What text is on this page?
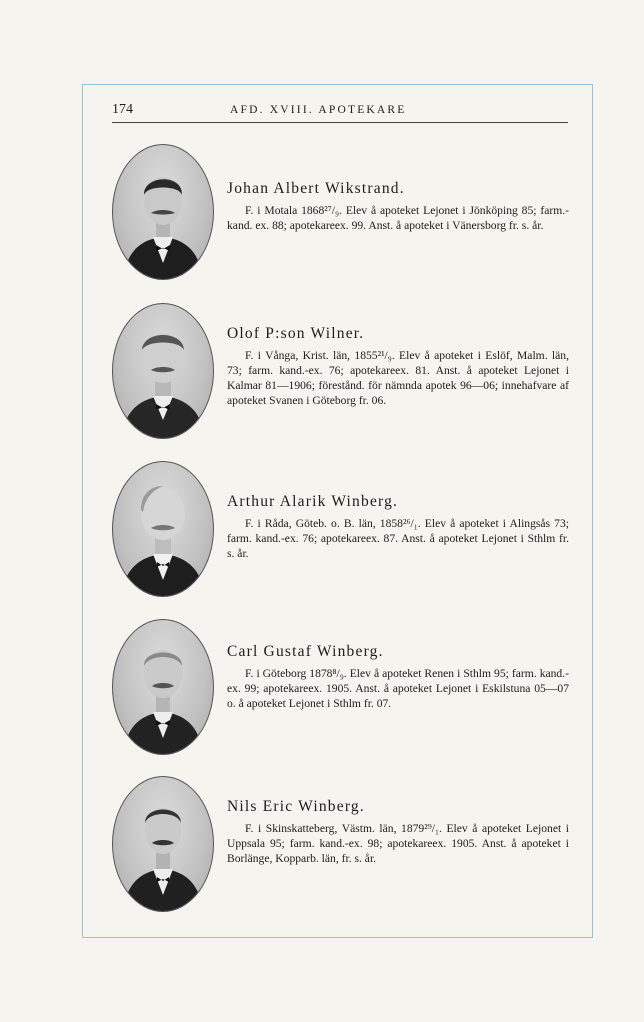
174	AFD. XVIII. APOTEKARE
Johan Albert Wikstrand.
F. i Motala 1868²⁷/₉. Elev å apoteket Lejonet i Jönköping 85; farm.-kand. ex. 88; apotekareex. 99. Anst. å apoteket i Vänersborg fr. s. år.
Olof P:son Wilner.
F. i Vånga, Krist. län, 1855²¹/₉. Elev å apoteket i Eslöf, Malm. län, 73; farm. kand.-ex. 76; apotekareex. 81. Anst. å apoteket Lejonet i Kalmar 81—1906; förestånd. för nämnda apotek 96—06; innehafvare af apoteket Svanen i Göteborg fr. 06.
Arthur Alarik Winberg.
F. i Råda, Göteb. o. B. län, 1858²⁶/₁. Elev å apoteket i Alingsås 73; farm. kand.-ex. 76; apotekareex. 87. Anst. å apoteket Lejonet i Sthlm fr. s. år.
Carl Gustaf Winberg.
F. i Göteborg 1878⁸/₉. Elev å apoteket Renen i Sthlm 95; farm. kand.-ex. 99; apotekareex. 1905. Anst. å apoteket Lejonet i Eskilstuna 05—07 o. å apoteket Lejonet i Sthlm fr. 07.
Nils Eric Winberg.
F. i Skinskatteberg, Västm. län, 1879²⁹/₁. Elev å apoteket Lejonet i Uppsala 95; farm. kand.-ex. 98; apotekareex. 1905. Anst. å apoteket i Borlänge, Kopparb. län, fr. s. år.
